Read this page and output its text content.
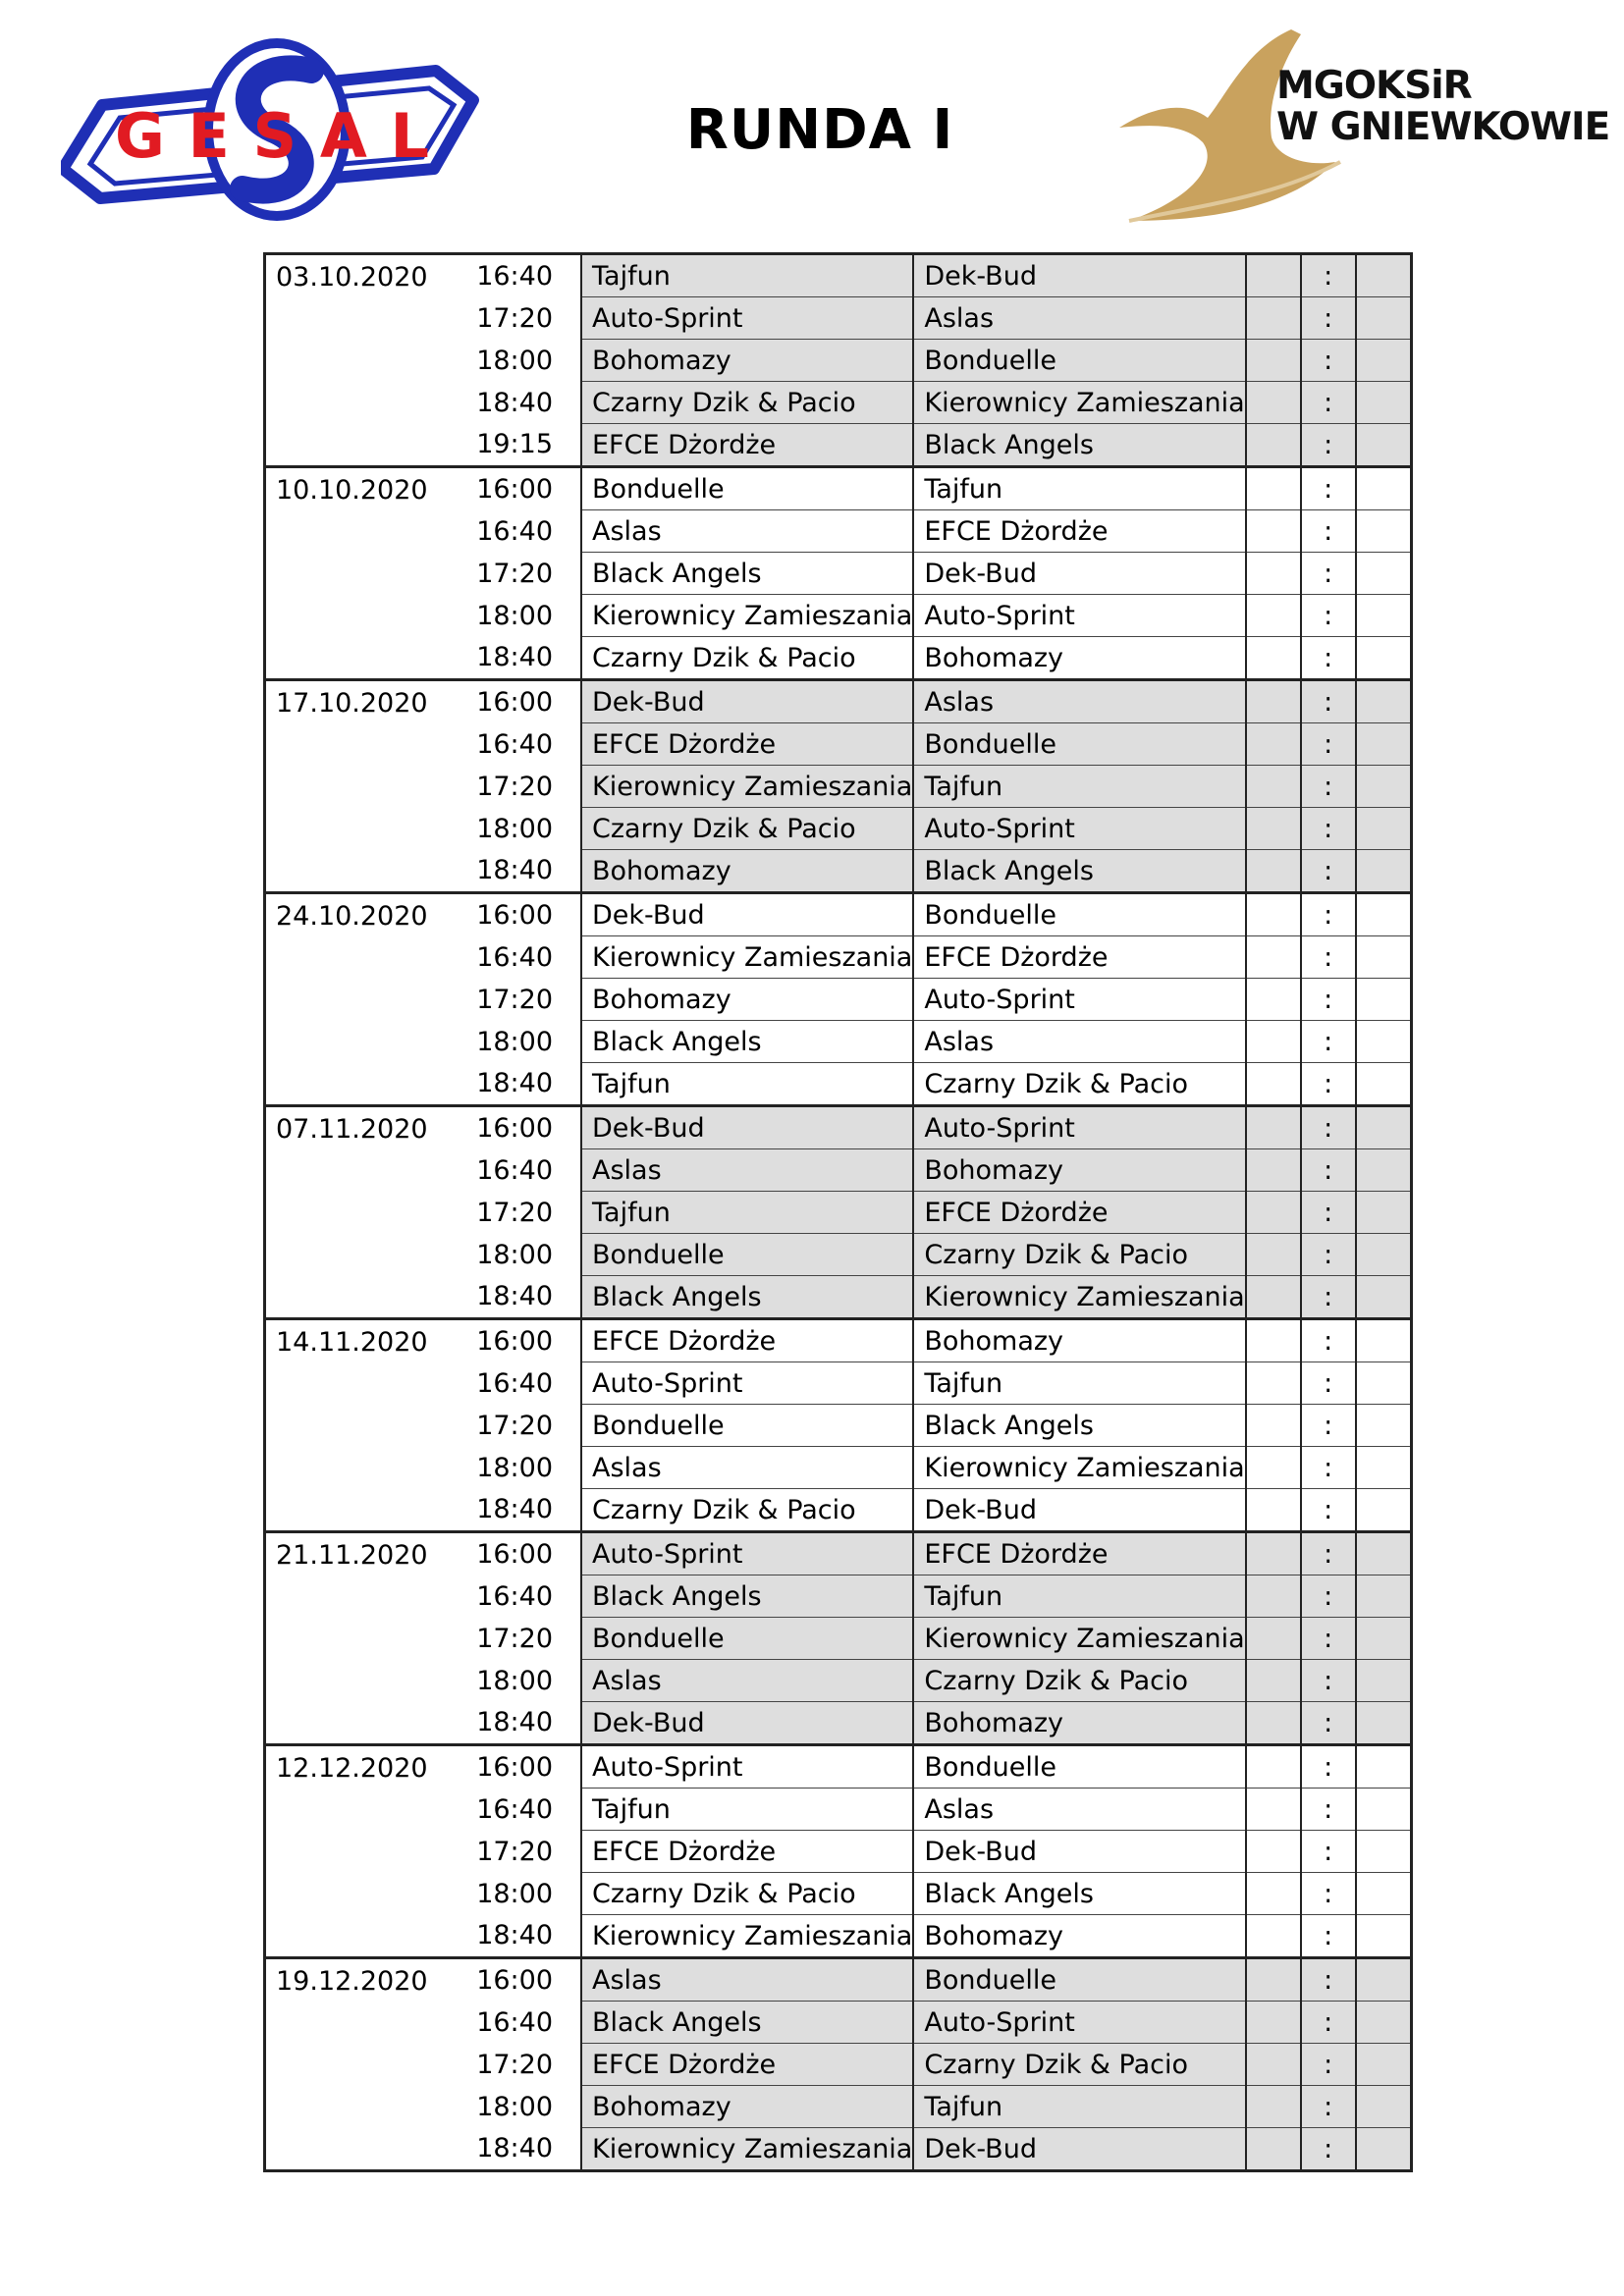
GESAL	RUNDA I
MGOKSiR
W GNIEWKOWIE
03.10.2020	16:40	Tajfun	Dek-Bud		:	
	17:20	Auto-Sprint	Aslas		:	
	18:00	Bohomazy	Bonduelle		:	
	18:40	Czarny Dzik & Pacio	Kierownicy Zamieszania		:	
	19:15	EFCE Dżordże	Black Angels		:	
10.10.2020	16:00	Bonduelle	Tajfun		:	
	16:40	Aslas	EFCE Dżordże		:	
	17:20	Black Angels	Dek-Bud		:	
	18:00	Kierownicy Zamieszania	Auto-Sprint		:	
	18:40	Czarny Dzik & Pacio	Bohomazy		:	
17.10.2020	16:00	Dek-Bud	Aslas		:	
	16:40	EFCE Dżordże	Bonduelle		:	
	17:20	Kierownicy Zamieszania	Tajfun		:	
	18:00	Czarny Dzik & Pacio	Auto-Sprint		:	
	18:40	Bohomazy	Black Angels		:	
24.10.2020	16:00	Dek-Bud	Bonduelle		:	
	16:40	Kierownicy Zamieszania	EFCE Dżordże		:	
	17:20	Bohomazy	Auto-Sprint		:	
	18:00	Black Angels	Aslas		:	
	18:40	Tajfun	Czarny Dzik & Pacio		:	
07.11.2020	16:00	Dek-Bud	Auto-Sprint		:	
	16:40	Aslas	Bohomazy		:	
	17:20	Tajfun	EFCE Dżordże		:	
	18:00	Bonduelle	Czarny Dzik & Pacio		:	
	18:40	Black Angels	Kierownicy Zamieszania		:	
14.11.2020	16:00	EFCE Dżordże	Bohomazy		:	
	16:40	Auto-Sprint	Tajfun		:	
	17:20	Bonduelle	Black Angels		:	
	18:00	Aslas	Kierownicy Zamieszania		:	
	18:40	Czarny Dzik & Pacio	Dek-Bud		:	
21.11.2020	16:00	Auto-Sprint	EFCE Dżordże		:	
	16:40	Black Angels	Tajfun		:	
	17:20	Bonduelle	Kierownicy Zamieszania		:	
	18:00	Aslas	Czarny Dzik & Pacio		:	
	18:40	Dek-Bud	Bohomazy		:	
12.12.2020	16:00	Auto-Sprint	Bonduelle		:	
	16:40	Tajfun	Aslas		:	
	17:20	EFCE Dżordże	Dek-Bud		:	
	18:00	Czarny Dzik & Pacio	Black Angels		:	
	18:40	Kierownicy Zamieszania	Bohomazy		:	
19.12.2020	16:00	Aslas	Bonduelle		:	
	16:40	Black Angels	Auto-Sprint		:	
	17:20	EFCE Dżordże	Czarny Dzik & Pacio		:	
	18:00	Bohomazy	Tajfun		:	
	18:40	Kierownicy Zamieszania	Dek-Bud		:	
